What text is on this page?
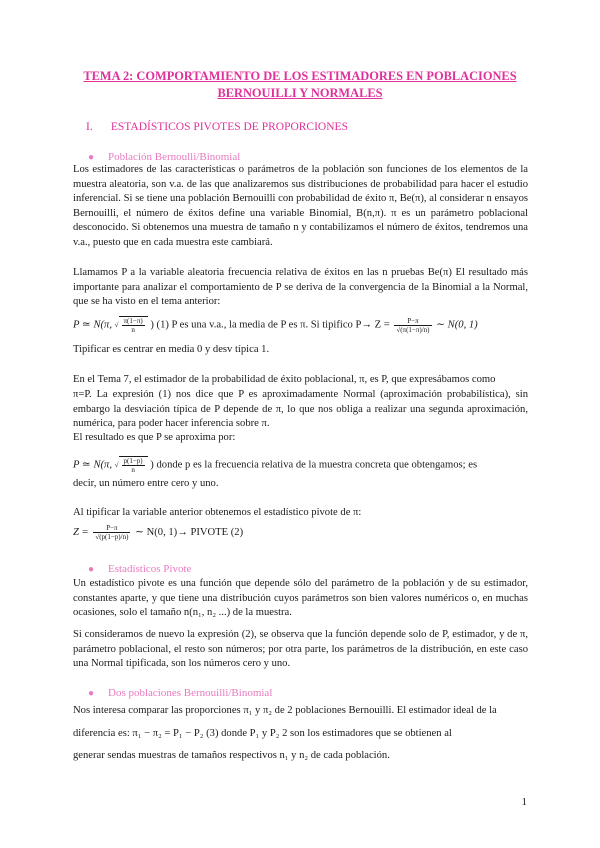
TEMA 2: COMPORTAMIENTO DE LOS ESTIMADORES EN POBLACIONES
BERNOUILLI Y NORMALES
I. ESTADÍSTICOS PIVOTES DE PROPORCIONES
● Población Bernoulli/Binomial
Los estimadores de las características o parámetros de la población son funciones de los elementos de la muestra aleatoria, son v.a. de las que analizaremos sus distribuciones de probabilidad para hacer el estudio inferencial. Si se tiene una población Bernouilli con probabilidad de éxito π, Be(π), al considerar n ensayos Bernouilli, el número de éxitos define una variable Binomial, B(n,π). π es un parámetro poblacional desconocido. Si obtenemos una muestra de tamaño n y contabilizamos el número de éxitos, tendremos una v.a., puesto que en cada muestra este cambiará.
Llamamos P a la variable aleatoria frecuencia relativa de éxitos en las n pruebas Be(π) El resultado más importante para analizar el comportamiento de P se deriva de la convergencia de la Binomial a la Normal, que se ha visto en el tema anterior:
P ≃ N(π, √ $\frac{\pi(1-\pi)}{n}$ ) (1) P es una v.a., la media de P es π. Si tipifico $P\to Z = \frac{P-\pi}{√(\pi(1-\pi)/n)}$ ∼ N(0, 1)
Tipificar es centrar en media 0 y desv típica 1.
En el Tema 7, el estimador de la probabilidad de éxito poblacional, π, es P, que expresábamos como
π=P. La expresión (1) nos dice que P es aproximadamente Normal (aproximación probabilística), sin embargo la desviación típica de P depende de π, lo que nos obliga a realizar una segunda aproximación, numérica, para poder hacer inferencia sobre π.
El resultado es que P se aproxima por:
P ≃ N(π, √ $\frac{p(1-p)}{n}$ ) donde p es la frecuencia relativa de la muestra concreta que obtengamos; es
decir, un número entre cero y uno.
Al tipificar la variable anterior obtenemos el estadístico pivote de π:
$Z = \frac{P-\pi}{√(p(1-p)/n)}$ ∼ N(0, 1)→ PIVOTE (2)
● Estadísticos Pivote
Un estadístico pivote es una función que depende sólo del parámetro de la población y de su estimador, constantes aparte, y que tiene una distribución cuyos parámetros son bien valores numéricos o, en muchas ocasiones, solo el tamaño n(n₁, n₂ ...) de la muestra.
Si consideramos de nuevo la expresión (2), se observa que la función depende solo de P, estimador, y de π, parámetro poblacional, el resto son números; por otra parte, los parámetros de la distribución, en este caso una Normal tipificada, son los números cero y uno.
● Dos poblaciones Bernouilli/Binomial
Nos interesa comparar las proporciones π₁ y π₂ de 2 poblaciones Bernouilli. El estimador ideal de la
diferencia es: π₁ − π₂ = P₁ − P₂ (3) donde P₁ y P₂ 2 son los estimadores que se obtienen al
generar sendas muestras de tamaños respectivos n₁ y n₂ de cada población.
1
